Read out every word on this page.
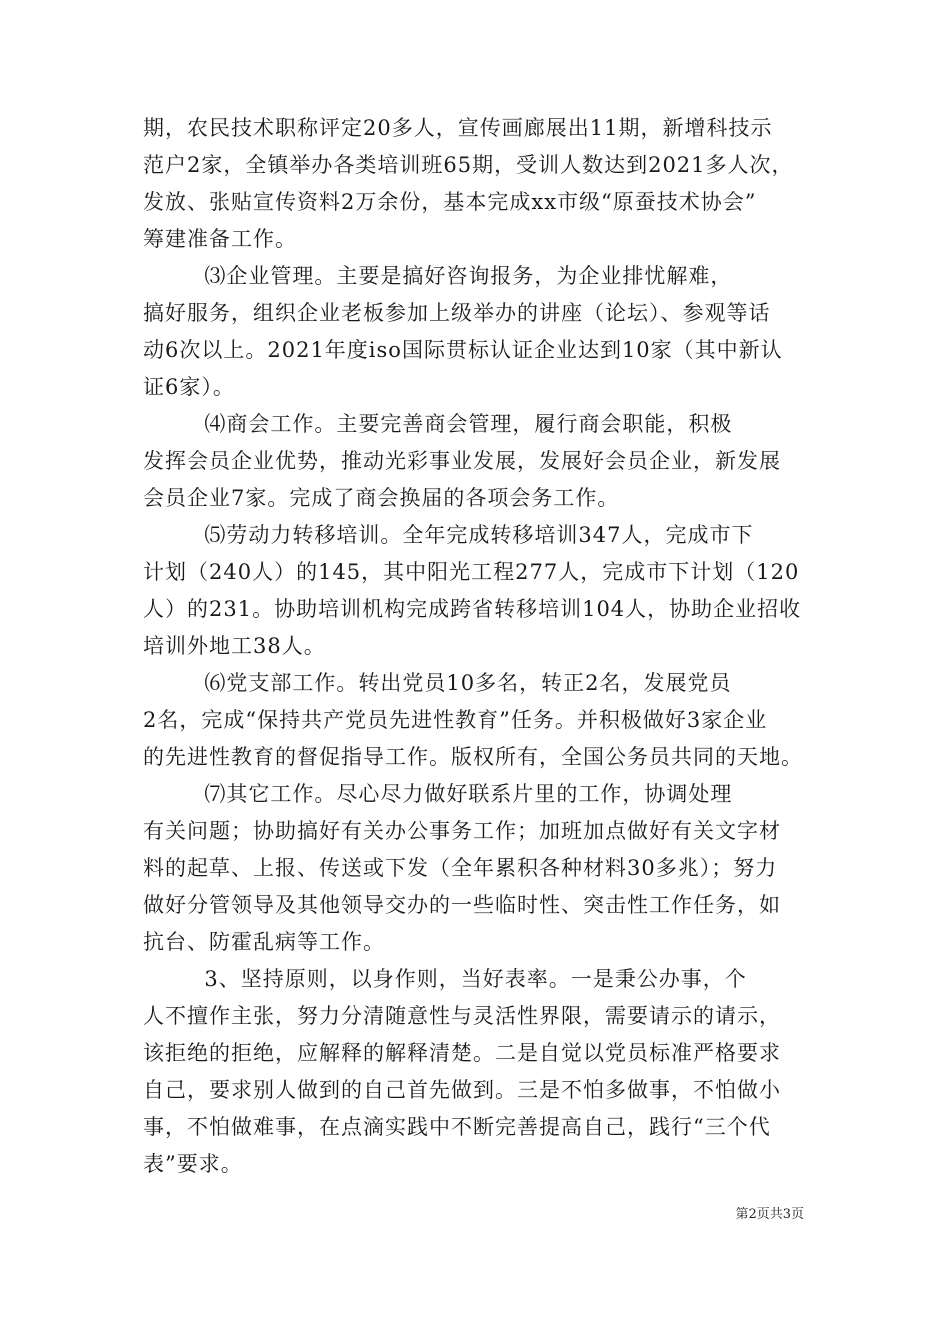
期，农民技术职称评定20多人，宣传画廊展出11期，新增科技示
范户2家，全镇举办各类培训班65期，受训人数达到2021多人次，
发放、张贴宣传资料2万余份，基本完成xx市级“原蚕技术协会”
筹建准备工作。

⑶企业管理。主要是搞好咨询报务，为企业排忧解难，
搞好服务，组织企业老板参加上级举办的讲座（论坛）、参观等话
动6次以上。2021年度iso国际贯标认证企业达到10家（其中新认
证6家）。

⑷商会工作。主要完善商会管理，履行商会职能，积极
发挥会员企业优势，推动光彩事业发展，发展好会员企业，新发展
会员企业7家。完成了商会换届的各项会务工作。

⑸劳动力转移培训。全年完成转移培训347人，完成市下
计划（240人）的145，其中阳光工程277人，完成市下计划（120
人）的231。协助培训机构完成跨省转移培训104人，协助企业招收
培训外地工38人。

⑹党支部工作。转出党员10多名，转正2名，发展党员
2名，完成“保持共产党员先进性教育”任务。并积极做好3家企业
的先进性教育的督促指导工作。版权所有，全国公务员共同的天地。

⑺其它工作。尽心尽力做好联系片里的工作，协调处理
有关问题；协助搞好有关办公事务工作；加班加点做好有关文字材
料的起草、上报、传送或下发（全年累积各种材料30多兆）；努力
做好分管领导及其他领导交办的一些临时性、突击性工作任务，如
抗台、防霍乱病等工作。

3、坚持原则，以身作则，当好表率。一是秉公办事，个
人不擅作主张，努力分清随意性与灵活性界限，需要请示的请示，
该拒绝的拒绝，应解释的解释清楚。二是自觉以党员标准严格要求
自己，要求别人做到的自己首先做到。三是不怕多做事，不怕做小
事，不怕做难事，在点滴实践中不断完善提高自己，践行“三个代
表”要求。

第2页共3页
